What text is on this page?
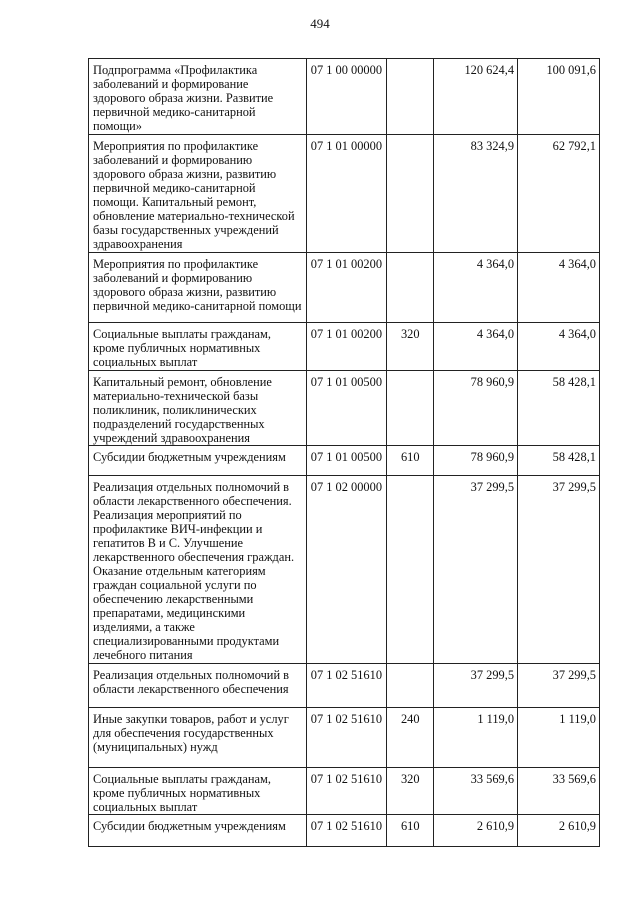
494
Подпрограмма «Профилактика заболеваний и формирование здорового образа жизни. Развитие первичной медико-санитарной помощи»	07 1 00 00000		120 624,4	100 091,6
Мероприятия по профилактике заболеваний и формированию здорового образа жизни, развитию первичной медико-санитарной помощи. Капитальный ремонт, обновление материально-технической базы государственных учреждений здравоохранения	07 1 01 00000		83 324,9	62 792,1
Мероприятия по профилактике заболеваний и формированию здорового образа жизни, развитию первичной медико-санитарной помощи	07 1 01 00200		4 364,0	4 364,0
Социальные выплаты гражданам, кроме публичных нормативных социальных выплат	07 1 01 00200	320	4 364,0	4 364,0
Капитальный ремонт, обновление материально-технической базы поликлиник, поликлинических подразделений государственных учреждений здравоохранения	07 1 01 00500		78 960,9	58 428,1
Субсидии бюджетным учреждениям	07 1 01 00500	610	78 960,9	58 428,1
Реализация отдельных полномочий в области лекарственного обеспечения. Реализация мероприятий по профилактике ВИЧ-инфекции и гепатитов В и С. Улучшение лекарственного обеспечения граждан. Оказание отдельным категориям граждан социальной услуги по обеспечению лекарственными препаратами, медицинскими изделиями, а также специализированными продуктами лечебного питания	07 1 02 00000		37 299,5	37 299,5
Реализация отдельных полномочий в области лекарственного обеспечения	07 1 02 51610		37 299,5	37 299,5
Иные закупки товаров, работ и услуг для обеспечения государственных (муниципальных) нужд	07 1 02 51610	240	1 119,0	1 119,0
Социальные выплаты гражданам, кроме публичных нормативных социальных выплат	07 1 02 51610	320	33 569,6	33 569,6
Субсидии бюджетным учреждениям	07 1 02 51610	610	2 610,9	2 610,9
